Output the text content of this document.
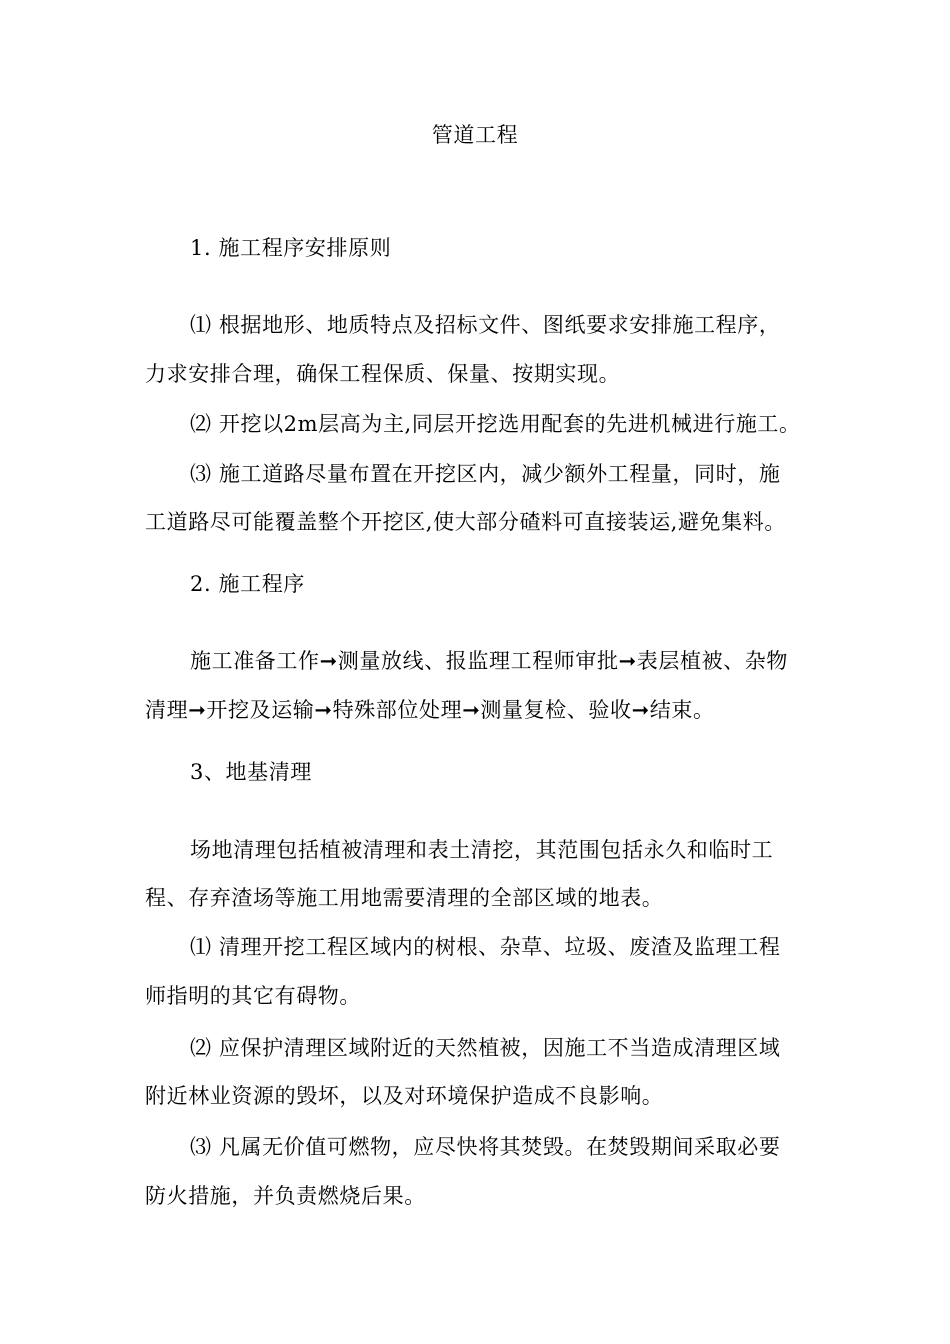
管道工程
1. 施工程序安排原则
⑴ 根据地形、地质特点及招标文件、图纸要求安排施工程序，
力求安排合理，确保工程保质、保量、按期实现。
⑵ 开挖以2m层高为主,同层开挖选用配套的先进机械进行施工。
⑶ 施工道路尽量布置在开挖区内，减少额外工程量，同时，施
工道路尽可能覆盖整个开挖区,使大部分碴料可直接装运,避免集料。
2. 施工程序
施工准备工作➞测量放线、报监理工程师审批➞表层植被、杂物
清理➞开挖及运输➞特殊部位处理➞测量复检、验收➞结束。
3、地基清理
场地清理包括植被清理和表土清挖，其范围包括永久和临时工
程、存弃渣场等施工用地需要清理的全部区域的地表。
⑴ 清理开挖工程区域内的树根、杂草、垃圾、废渣及监理工程
师指明的其它有碍物。
⑵ 应保护清理区域附近的天然植被，因施工不当造成清理区域
附近林业资源的毁坏，以及对环境保护造成不良影响。
⑶ 凡属无价值可燃物，应尽快将其焚毁。在焚毁期间采取必要
防火措施，并负责燃烧后果。
